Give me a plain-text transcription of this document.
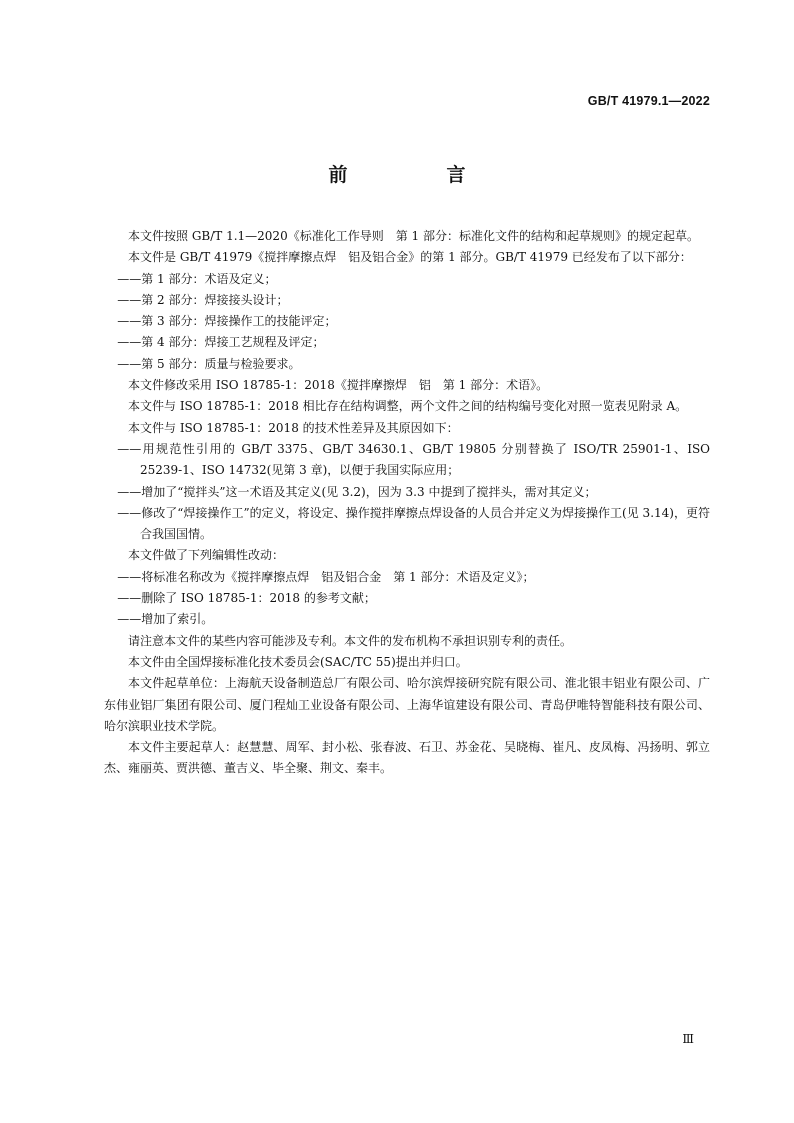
GB/T 41979.1—2022
前　言

本文件按照 GB/T 1.1—2020《标准化工作导则　第 1 部分：标准化文件的结构和起草规则》的规定起草。

本文件是 GB/T 41979《搅拌摩擦点焊　铝及铝合金》的第 1 部分。GB/T 41979 已经发布了以下部分：

——第 1 部分：术语及定义；

——第 2 部分：焊接接头设计；

——第 3 部分：焊接操作工的技能评定；

——第 4 部分：焊接工艺规程及评定；

——第 5 部分：质量与检验要求。

本文件修改采用 ISO 18785-1：2018《搅拌摩擦焊　铝　第 1 部分：术语》。

本文件与 ISO 18785-1：2018 相比存在结构调整，两个文件之间的结构编号变化对照一览表见附录 A。

本文件与 ISO 18785-1：2018 的技术性差异及其原因如下：

——用规范性引用的 GB/T 3375、GB/T 34630.1、GB/T 19805 分别替换了 ISO/TR 25901-1、ISO 25239-1、ISO 14732(见第 3 章)，以便于我国实际应用；

——增加了“搅拌头”这一术语及其定义(见 3.2)，因为 3.3 中提到了搅拌头，需对其定义；

——修改了“焊接操作工”的定义，将设定、操作搅拌摩擦点焊设备的人员合并定义为焊接操作工(见 3.14)，更符合我国国情。

本文件做了下列编辑性改动：

——将标准名称改为《搅拌摩擦点焊　铝及铝合金　第 1 部分：术语及定义》；

——删除了 ISO 18785-1：2018 的参考文献；

——增加了索引。

请注意本文件的某些内容可能涉及专利。本文件的发布机构不承担识别专利的责任。

本文件由全国焊接标准化技术委员会(SAC/TC 55)提出并归口。

本文件起草单位：上海航天设备制造总厂有限公司、哈尔滨焊接研究院有限公司、淮北银丰铝业有限公司、广东伟业铝厂集团有限公司、厦门程灿工业设备有限公司、上海华谊建设有限公司、青岛伊唯特智能科技有限公司、哈尔滨职业技术学院。

本文件主要起草人：赵慧慧、周军、封小松、张春波、石卫、苏金花、吴晓梅、崔凡、皮凤梅、冯扬明、郭立杰、雍丽英、贾洪德、董吉义、毕全聚、荆文、秦丰。

Ⅲ
